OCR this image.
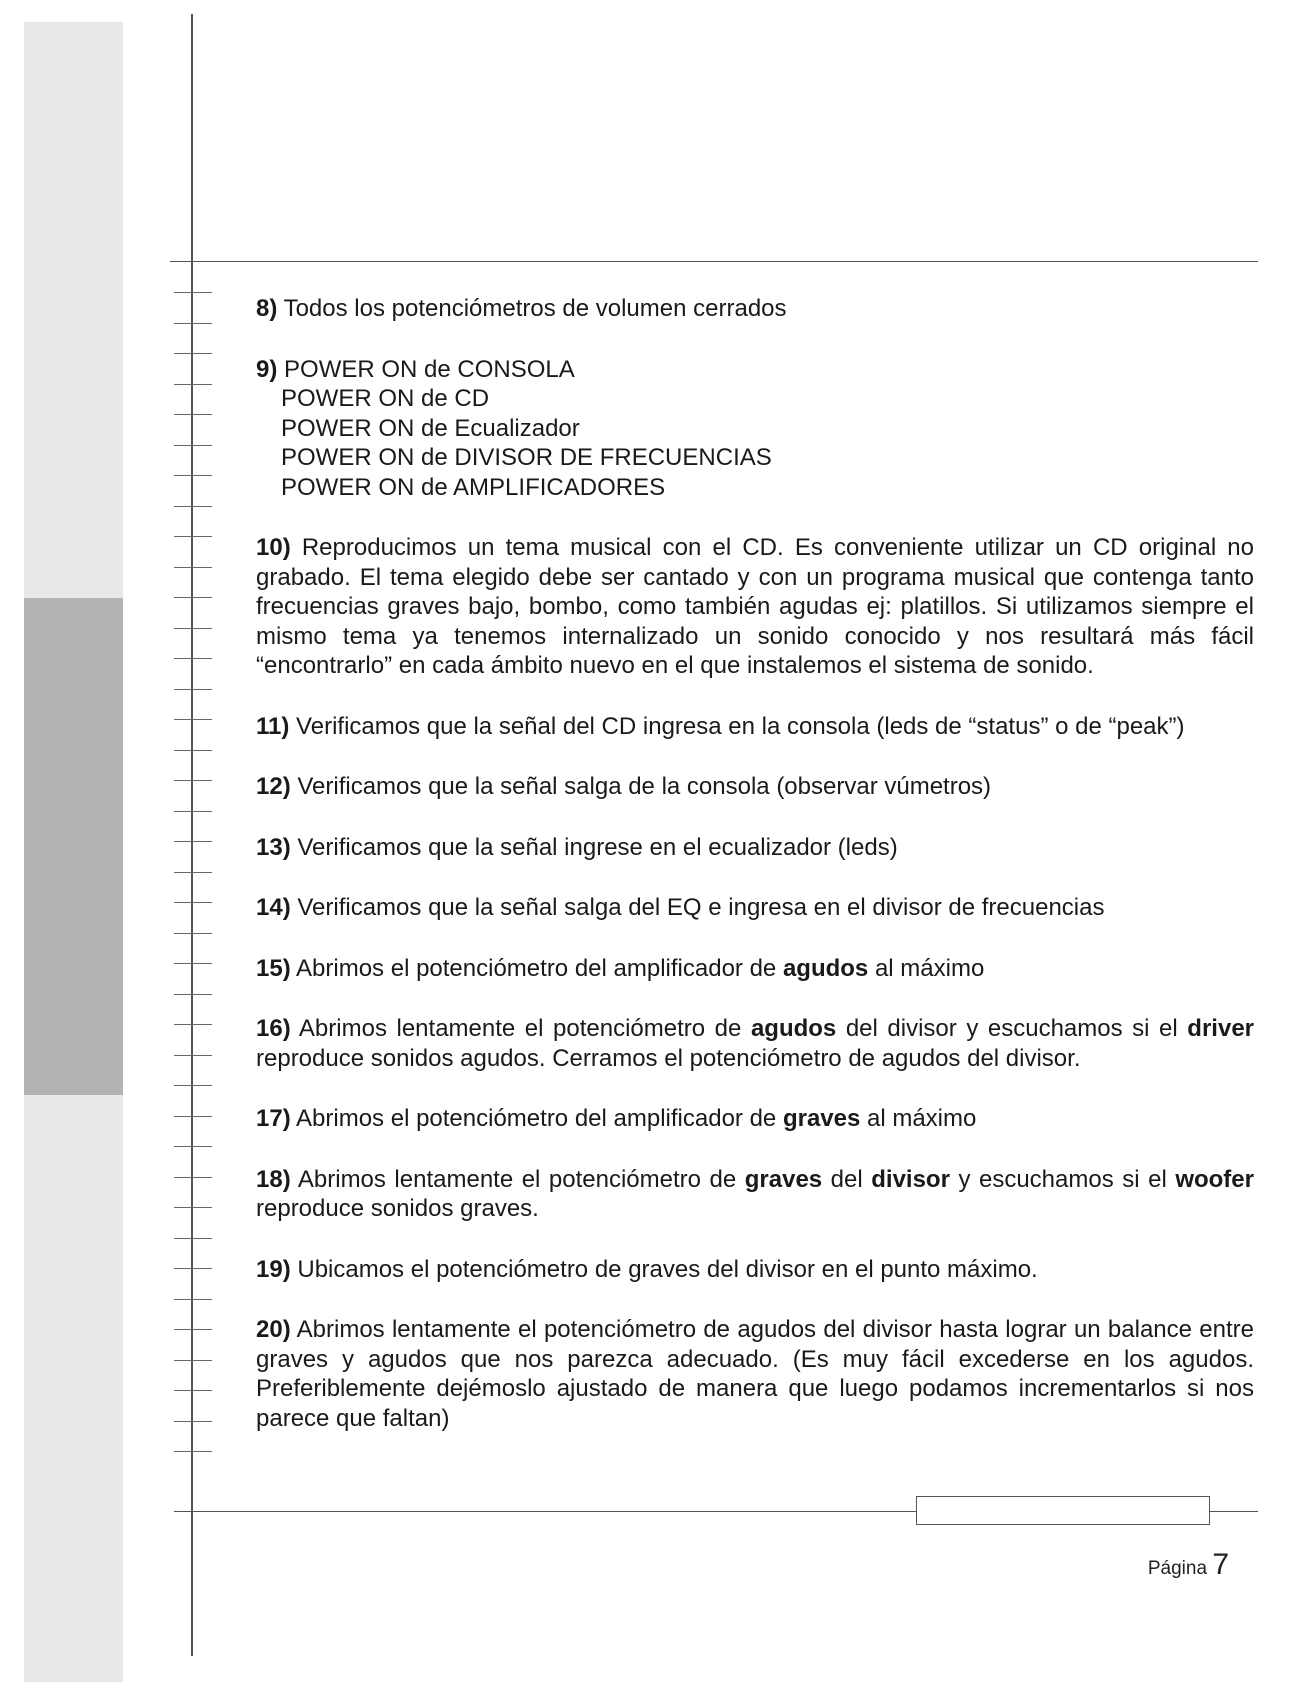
8) Todos los potenciómetros de volumen cerrados

9) POWER ON de CONSOLA
POWER ON de CD
POWER ON de Ecualizador
POWER ON de DIVISOR DE FRECUENCIAS
POWER ON de AMPLIFICADORES

10) Reproducimos un tema musical con el CD. Es conveniente utilizar un CD original no grabado. El tema elegido debe ser cantado y con un programa musical que contenga tanto frecuencias graves bajo, bombo, como también agudas ej: platillos. Si utilizamos siempre el mismo tema ya tenemos internalizado un sonido conocido y nos resultará más fácil “encontrarlo” en cada ámbito nuevo en el que instalemos el sistema de sonido.

11) Verificamos que la señal del CD ingresa en la consola (leds de “status” o de “peak”)

12) Verificamos que la señal salga de la consola (observar vúmetros)

13) Verificamos que la señal ingrese en el ecualizador (leds)

14) Verificamos que la señal salga del EQ e ingresa en el divisor de frecuencias

15) Abrimos el potenciómetro del amplificador de agudos al máximo

16) Abrimos lentamente el potenciómetro de agudos del divisor y escuchamos si el driver reproduce sonidos agudos. Cerramos el potenciómetro de agudos del divisor.

17) Abrimos el potenciómetro del amplificador de graves al máximo

18) Abrimos lentamente el potenciómetro de graves del divisor y escuchamos si el woofer reproduce sonidos graves.

19) Ubicamos el potenciómetro de graves del divisor en el punto máximo.

20) Abrimos lentamente el potenciómetro de agudos del divisor hasta lograr un balance entre graves y agudos que nos parezca adecuado. (Es muy fácil excederse en los agudos. Preferiblemente dejémoslo ajustado de manera que luego podamos incrementarlos si nos parece que faltan)

Página 7
